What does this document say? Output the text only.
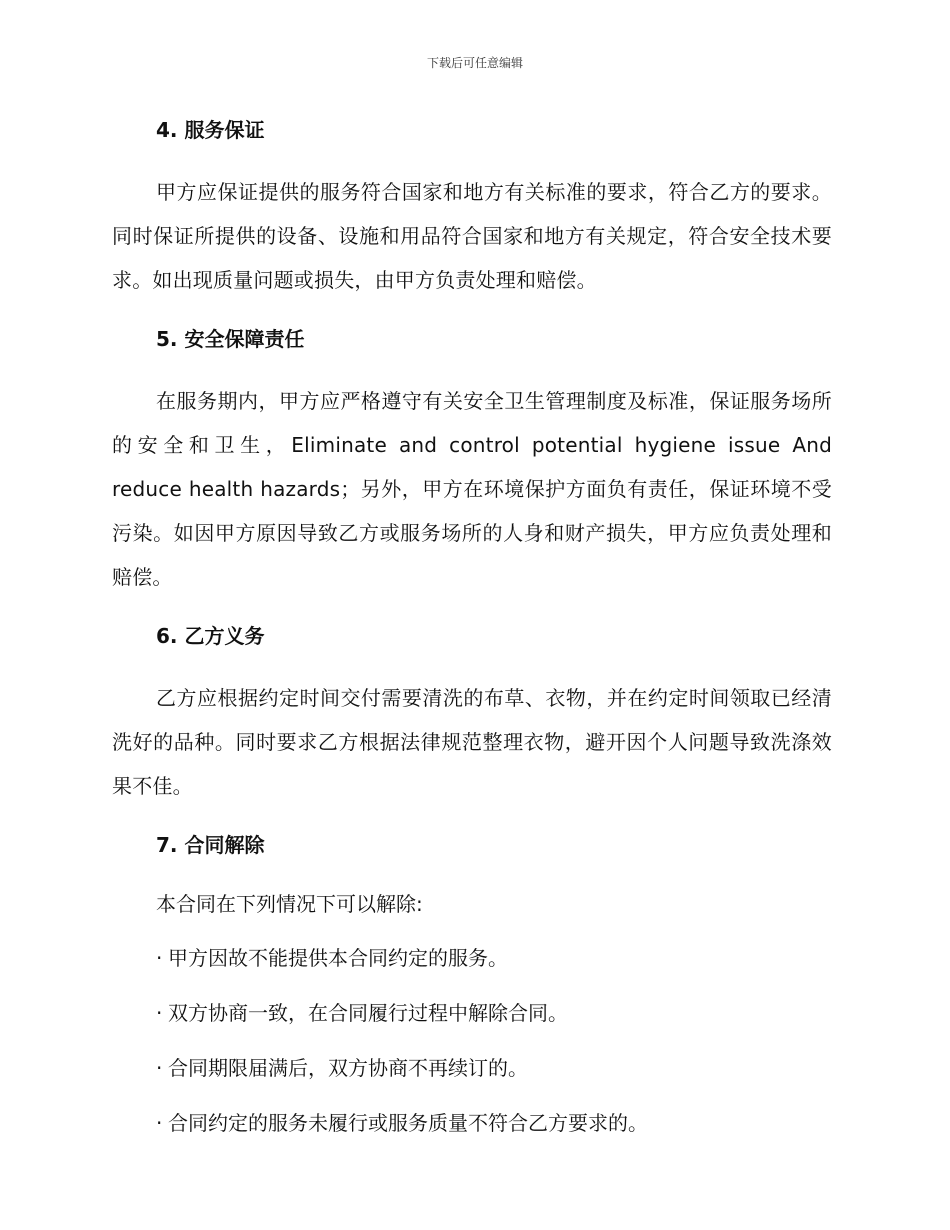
下载后可任意编辑
4. 服务保证

甲方应保证提供的服务符合国家和地方有关标准的要求，符合乙方的要求。同时保证所提供的设备、设施和用品符合国家和地方有关规定，符合安全技术要求。如出现质量问题或损失，由甲方负责处理和赔偿。

5. 安全保障责任

在服务期内，甲方应严格遵守有关安全卫生管理制度及标准，保证服务场所的安全和卫生，Eliminate and control potential hygiene issue And reduce health hazards；另外，甲方在环境保护方面负有责任，保证环境不受污染。如因甲方原因导致乙方或服务场所的人身和财产损失，甲方应负责处理和赔偿。

6. 乙方义务

乙方应根据约定时间交付需要清洗的布草、衣物，并在约定时间领取已经清洗好的品种。同时要求乙方根据法律规范整理衣物，避开因个人问题导致洗涤效果不佳。

7. 合同解除
本合同在下列情况下可以解除:
· 甲方因故不能提供本合同约定的服务。
· 双方协商一致，在合同履行过程中解除合同。
· 合同期限届满后，双方协商不再续订的。
· 合同约定的服务未履行或服务质量不符合乙方要求的。
